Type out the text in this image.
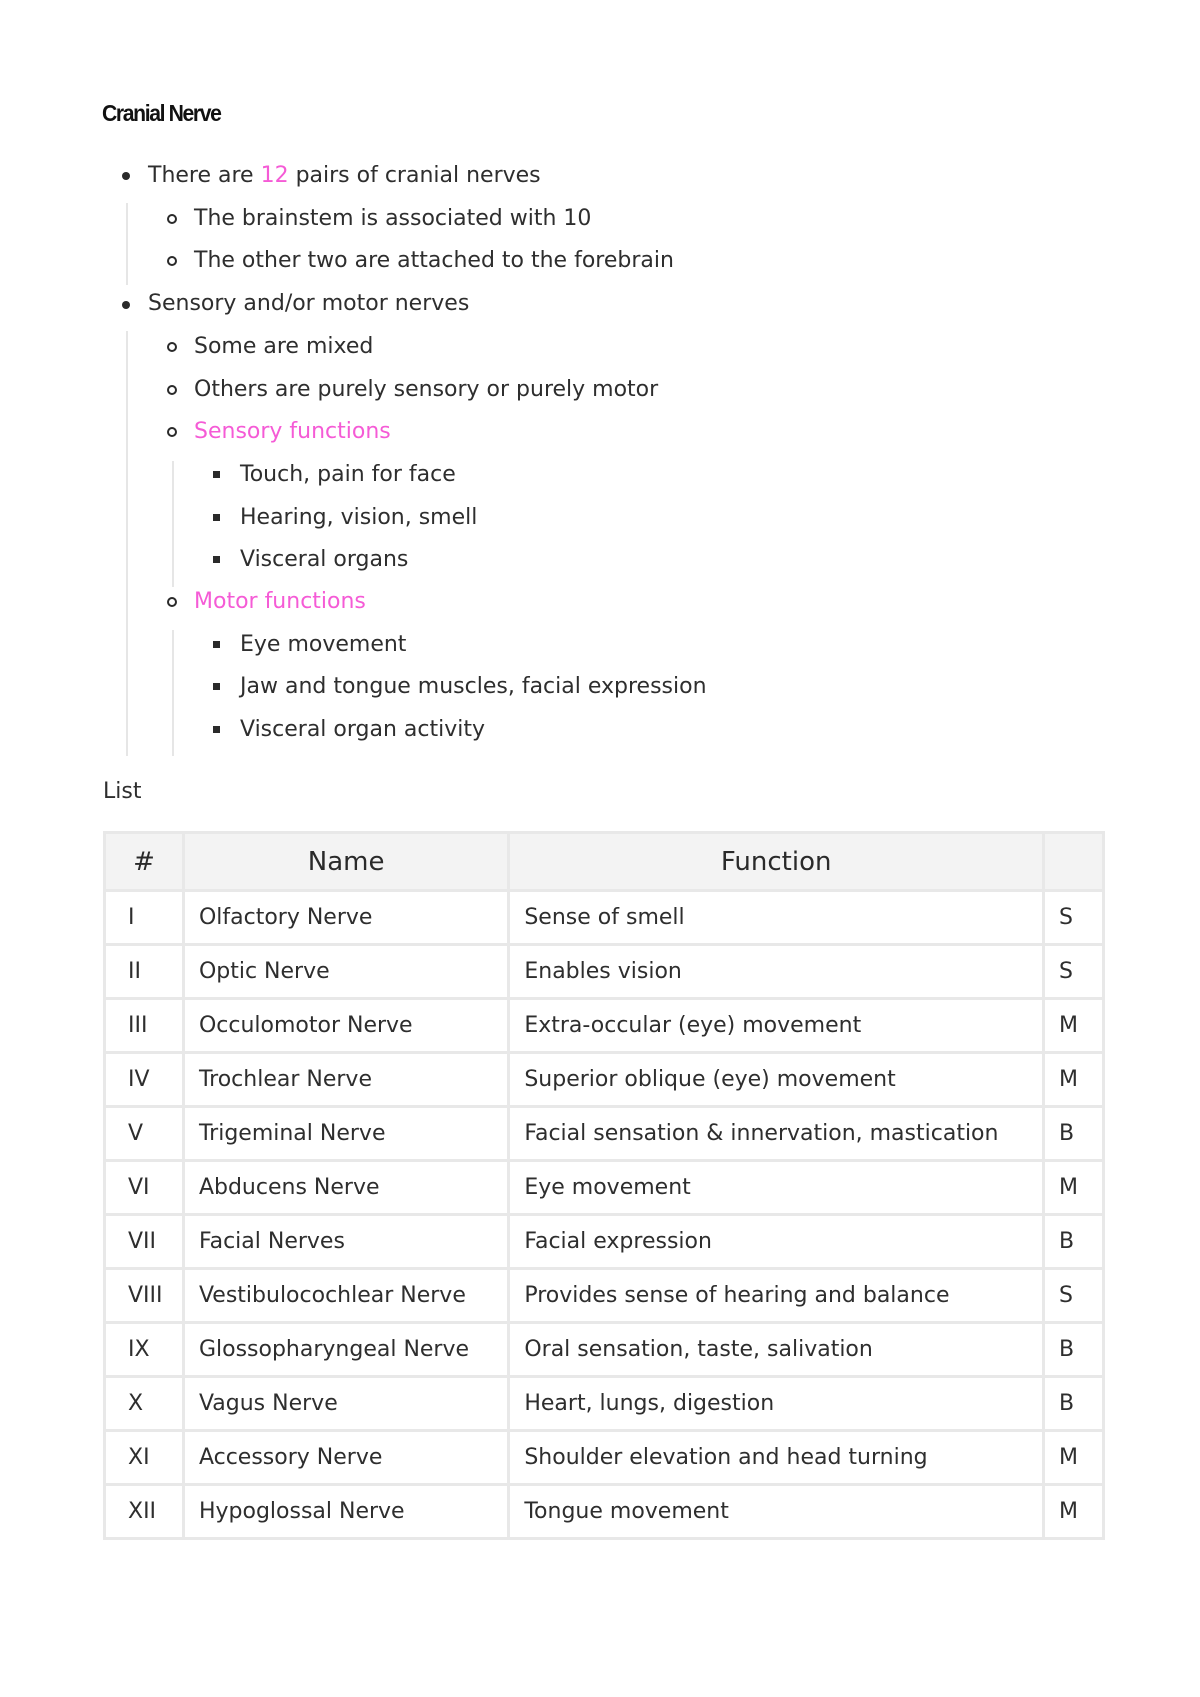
Cranial Nerve
There are 12 pairs of cranial nerves
The brainstem is associated with 10
The other two are attached to the forebrain
Sensory and/or motor nerves
Some are mixed
Others are purely sensory or purely motor
Sensory functions
Touch, pain for face
Hearing, vision, smell
Visceral organs
Motor functions
Eye movement
Jaw and tongue muscles, facial expression
Visceral organ activity
List
#	Name	Function	
I	Olfactory Nerve	Sense of smell	S
II	Optic Nerve	Enables vision	S
III	Occulomotor Nerve	Extra-occular (eye) movement	M
IV	Trochlear Nerve	Superior oblique (eye) movement	M
V	Trigeminal Nerve	Facial sensation & innervation, mastication	B
VI	Abducens Nerve	Eye movement	M
VII	Facial Nerves	Facial expression	B
VIII	Vestibulocochlear Nerve	Provides sense of hearing and balance	S
IX	Glossopharyngeal Nerve	Oral sensation, taste, salivation	B
X	Vagus Nerve	Heart, lungs, digestion	B
XI	Accessory Nerve	Shoulder elevation and head turning	M
XII	Hypoglossal Nerve	Tongue movement	M
